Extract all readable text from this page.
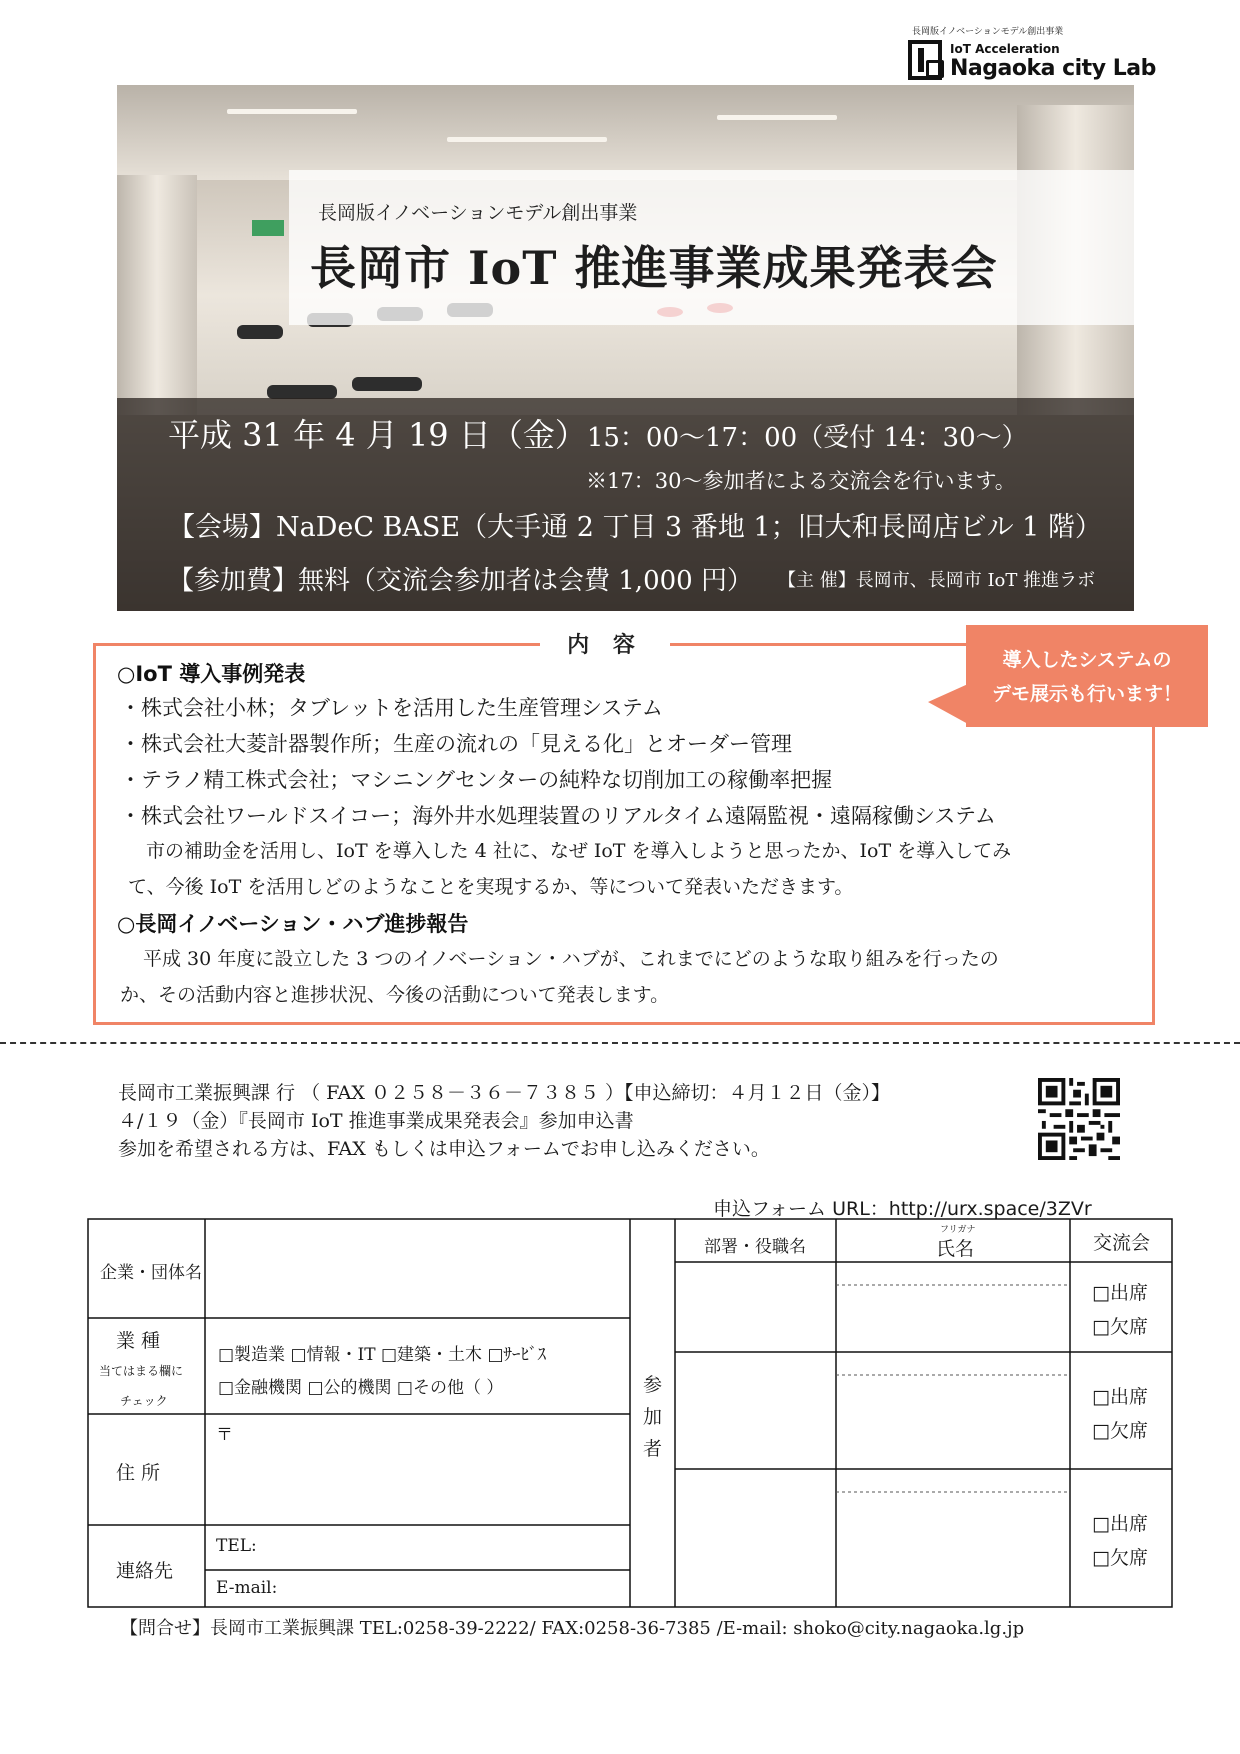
長岡版イノベーションモデル創出事業
IoT Acceleration
Nagaoka city Lab
長岡版イノベーションモデル創出事業
長岡市 IoT 推進事業成果発表会
平成 31 年 4 月 19 日（金）15：00～17：00（受付 14：30～）
※17：30～参加者による交流会を行います。
【会場】NaDeC BASE（大手通 2 丁目 3 番地 1；旧大和長岡店ビル 1 階）
【参加費】無料（交流会参加者は会費 1,000 円） 【主 催】長岡市、長岡市 IoT 推進ラボ
内 容
導入したシステムの
デモ展示も行います！
○IoT 導入事例発表
・株式会社小林；タブレットを活用した生産管理システム
・株式会社大菱計器製作所；生産の流れの「見える化」とオーダー管理
・テラノ精工株式会社；マシニングセンターの純粋な切削加工の稼働率把握
・株式会社ワールドスイコー；海外井水処理装置のリアルタイム遠隔監視・遠隔稼働システム
市の補助金を活用し、IoT を導入した 4 社に、なぜ IoT を導入しようと思ったか、IoT を導入してみ
て、今後 IoT を活用しどのようなことを実現するか、等について発表いただきます。
○長岡イノベーション・ハブ進捗報告
平成 30 年度に設立した 3 つのイノベーション・ハブが、これまでにどのような取り組みを行ったの
か、その活動内容と進捗状況、今後の活動について発表します。
長岡市工業振興課 行 （ FAX ０２５８－３６－７３８５ ）【申込締切：４月１２日（金）】
４/１９（金）『長岡市 IoT 推進事業成果発表会』参加申込書
参加を希望される方は、FAX もしくは申込フォームでお申し込みください。
申込フォーム URL：http://urx.space/3ZVr
企業・団体名
業 種
当てはまる欄に
チェック
□製造業 □情報・IT □建築・土木 □ｻｰﾋﾞｽ
□金融機関 □公的機関 □その他（ ）
〒
住 所
連絡先
TEL:
E-mail:
参
加
者
部署・役職名
フリガナ
氏名	交流会
□出席
□欠席
□出席
□欠席
□出席
□欠席
【問合せ】長岡市工業振興課 TEL:0258-39-2222/ FAX:0258-36-7385 /E-mail: shoko@city.nagaoka.lg.jp
